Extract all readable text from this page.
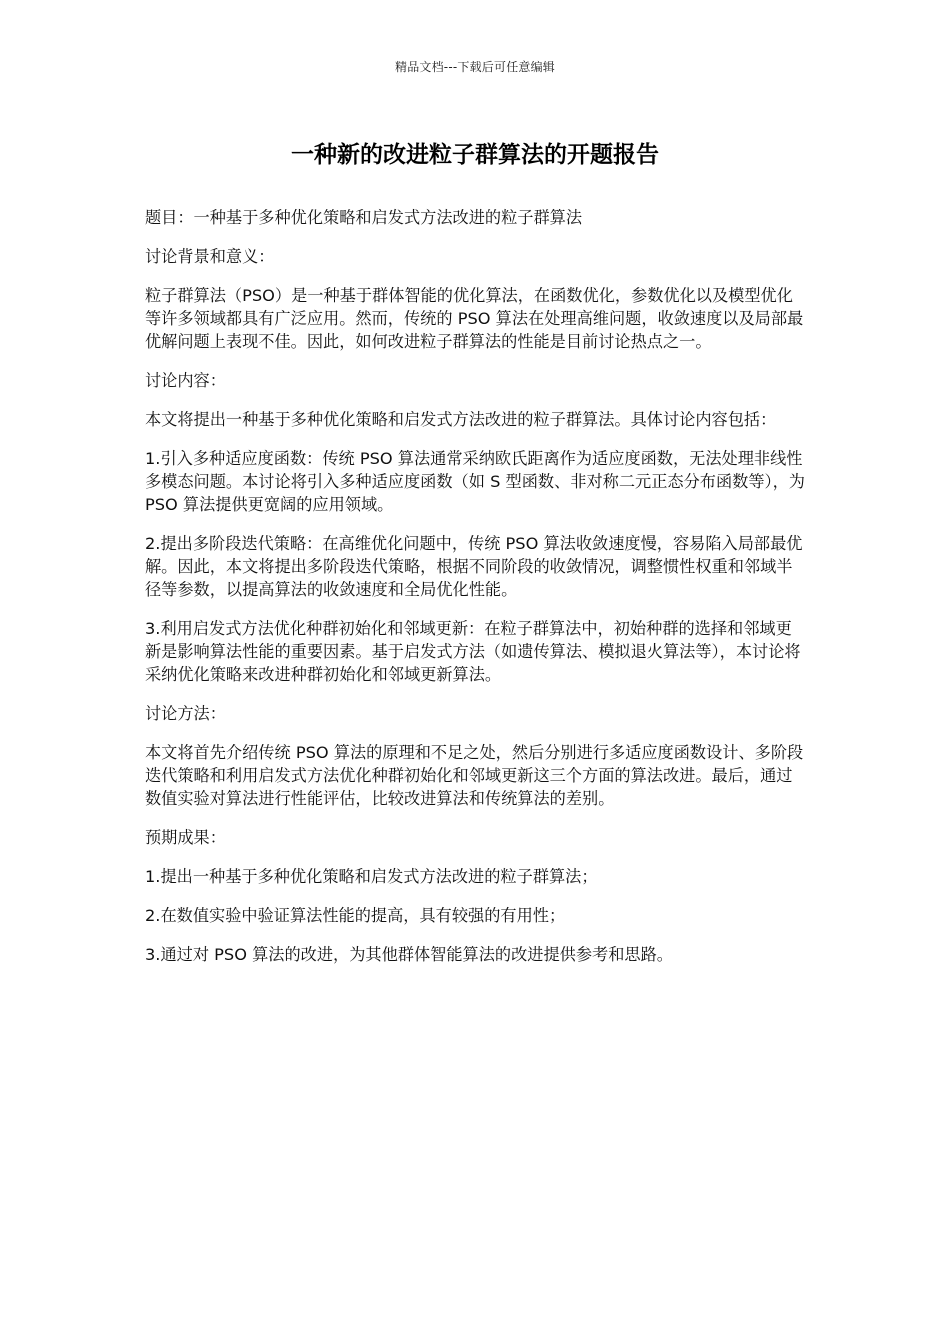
精品文档---下载后可任意编辑
一种新的改进粒子群算法的开题报告

题目：一种基于多种优化策略和启发式方法改进的粒子群算法

讨论背景和意义：

粒子群算法（PSO）是一种基于群体智能的优化算法，在函数优化，参数优化以及模型优化等许多领域都具有广泛应用。然而，传统的 PSO 算法在处理高维问题，收敛速度以及局部最优解问题上表现不佳。因此，如何改进粒子群算法的性能是目前讨论热点之一。

讨论内容：

本文将提出一种基于多种优化策略和启发式方法改进的粒子群算法。具体讨论内容包括：

1.引入多种适应度函数：传统 PSO 算法通常采纳欧氏距离作为适应度函数，无法处理非线性多模态问题。本讨论将引入多种适应度函数（如 S 型函数、非对称二元正态分布函数等），为 PSO 算法提供更宽阔的应用领域。

2.提出多阶段迭代策略：在高维优化问题中，传统 PSO 算法收敛速度慢，容易陷入局部最优解。因此，本文将提出多阶段迭代策略，根据不同阶段的收敛情况，调整惯性权重和邻域半径等参数，以提高算法的收敛速度和全局优化性能。

3.利用启发式方法优化种群初始化和邻域更新：在粒子群算法中，初始种群的选择和邻域更新是影响算法性能的重要因素。基于启发式方法（如遗传算法、模拟退火算法等），本讨论将采纳优化策略来改进种群初始化和邻域更新算法。

讨论方法：

本文将首先介绍传统 PSO 算法的原理和不足之处，然后分别进行多适应度函数设计、多阶段迭代策略和利用启发式方法优化种群初始化和邻域更新这三个方面的算法改进。最后，通过数值实验对算法进行性能评估，比较改进算法和传统算法的差别。

预期成果：

1.提出一种基于多种优化策略和启发式方法改进的粒子群算法；

2.在数值实验中验证算法性能的提高，具有较强的有用性；

3.通过对 PSO 算法的改进，为其他群体智能算法的改进提供参考和思路。
